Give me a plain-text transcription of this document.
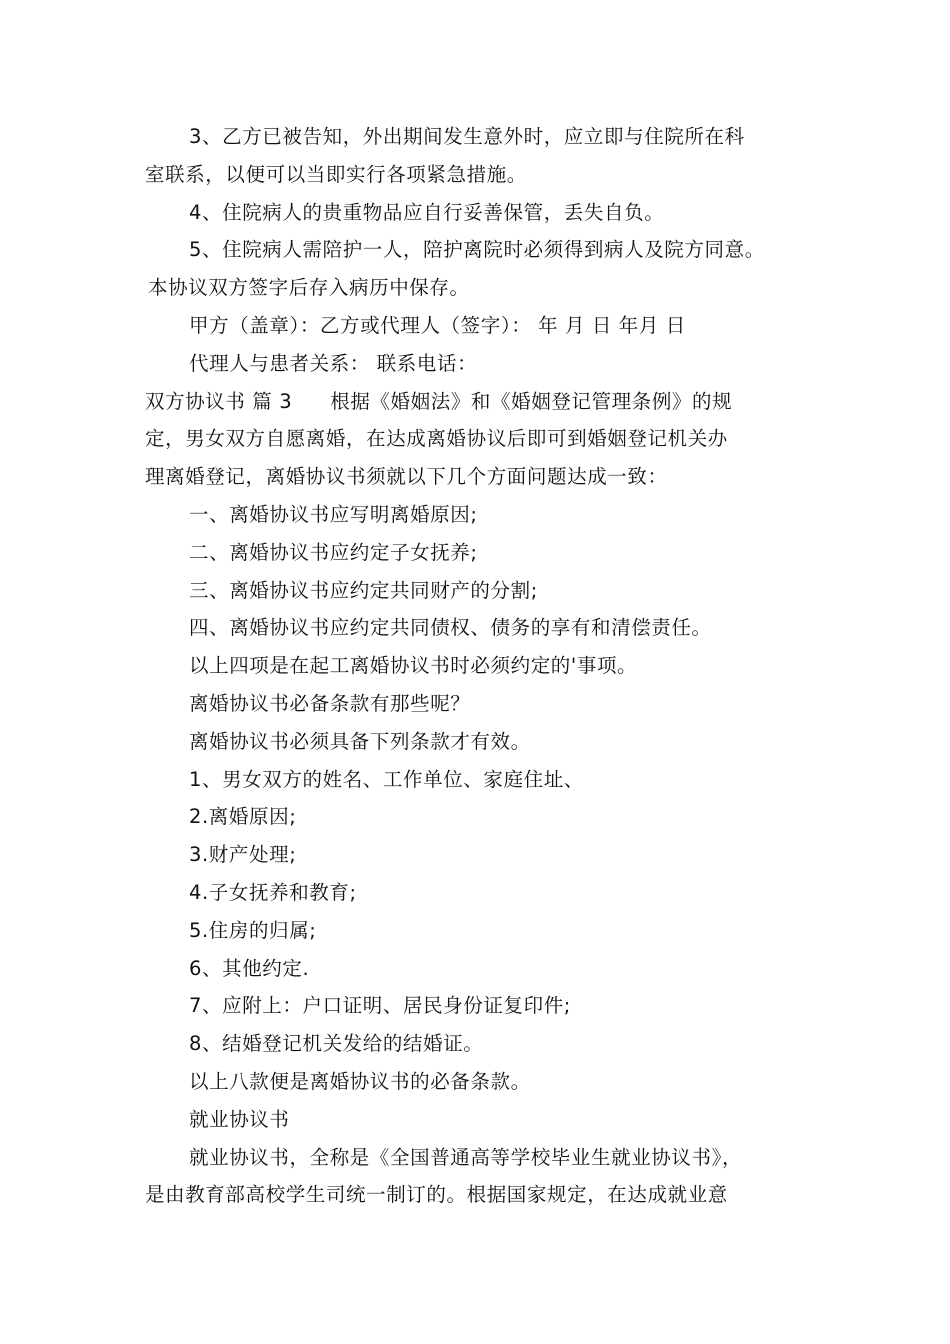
3、乙方已被告知，外出期间发生意外时，应立即与住院所在科
室联系，以便可以当即实行各项紧急措施。
4、住院病人的贵重物品应自行妥善保管，丢失自负。
5、住院病人需陪护一人，陪护离院时必须得到病人及院方同意。
本协议双方签字后存入病历中保存。
甲方（盖章）：乙方或代理人（签字）： 年 月 日 年月 日
代理人与患者关系： 联系电话：
双方协议书 篇 3 根据《婚姻法》和《婚姻登记管理条例》的规
定，男女双方自愿离婚，在达成离婚协议后即可到婚姻登记机关办
理离婚登记，离婚协议书须就以下几个方面问题达成一致：
一、离婚协议书应写明离婚原因;
二、离婚协议书应约定子女抚养;
三、离婚协议书应约定共同财产的分割;
四、离婚协议书应约定共同债权、债务的享有和清偿责任。
以上四项是在起工离婚协议书时必须约定的'事项。
离婚协议书必备条款有那些呢？
离婚协议书必须具备下列条款才有效。
1、男女双方的姓名、工作单位、家庭住址、
2.离婚原因;
3.财产处理;
4.子女抚养和教育;
5.住房的归属;
6、其他约定.
7、应附上：户口证明、居民身份证复印件;
8、结婚登记机关发给的结婚证。
以上八款便是离婚协议书的必备条款。
就业协议书
就业协议书，全称是《全国普通高等学校毕业生就业协议书》，
是由教育部高校学生司统一制订的。根据国家规定，在达成就业意
